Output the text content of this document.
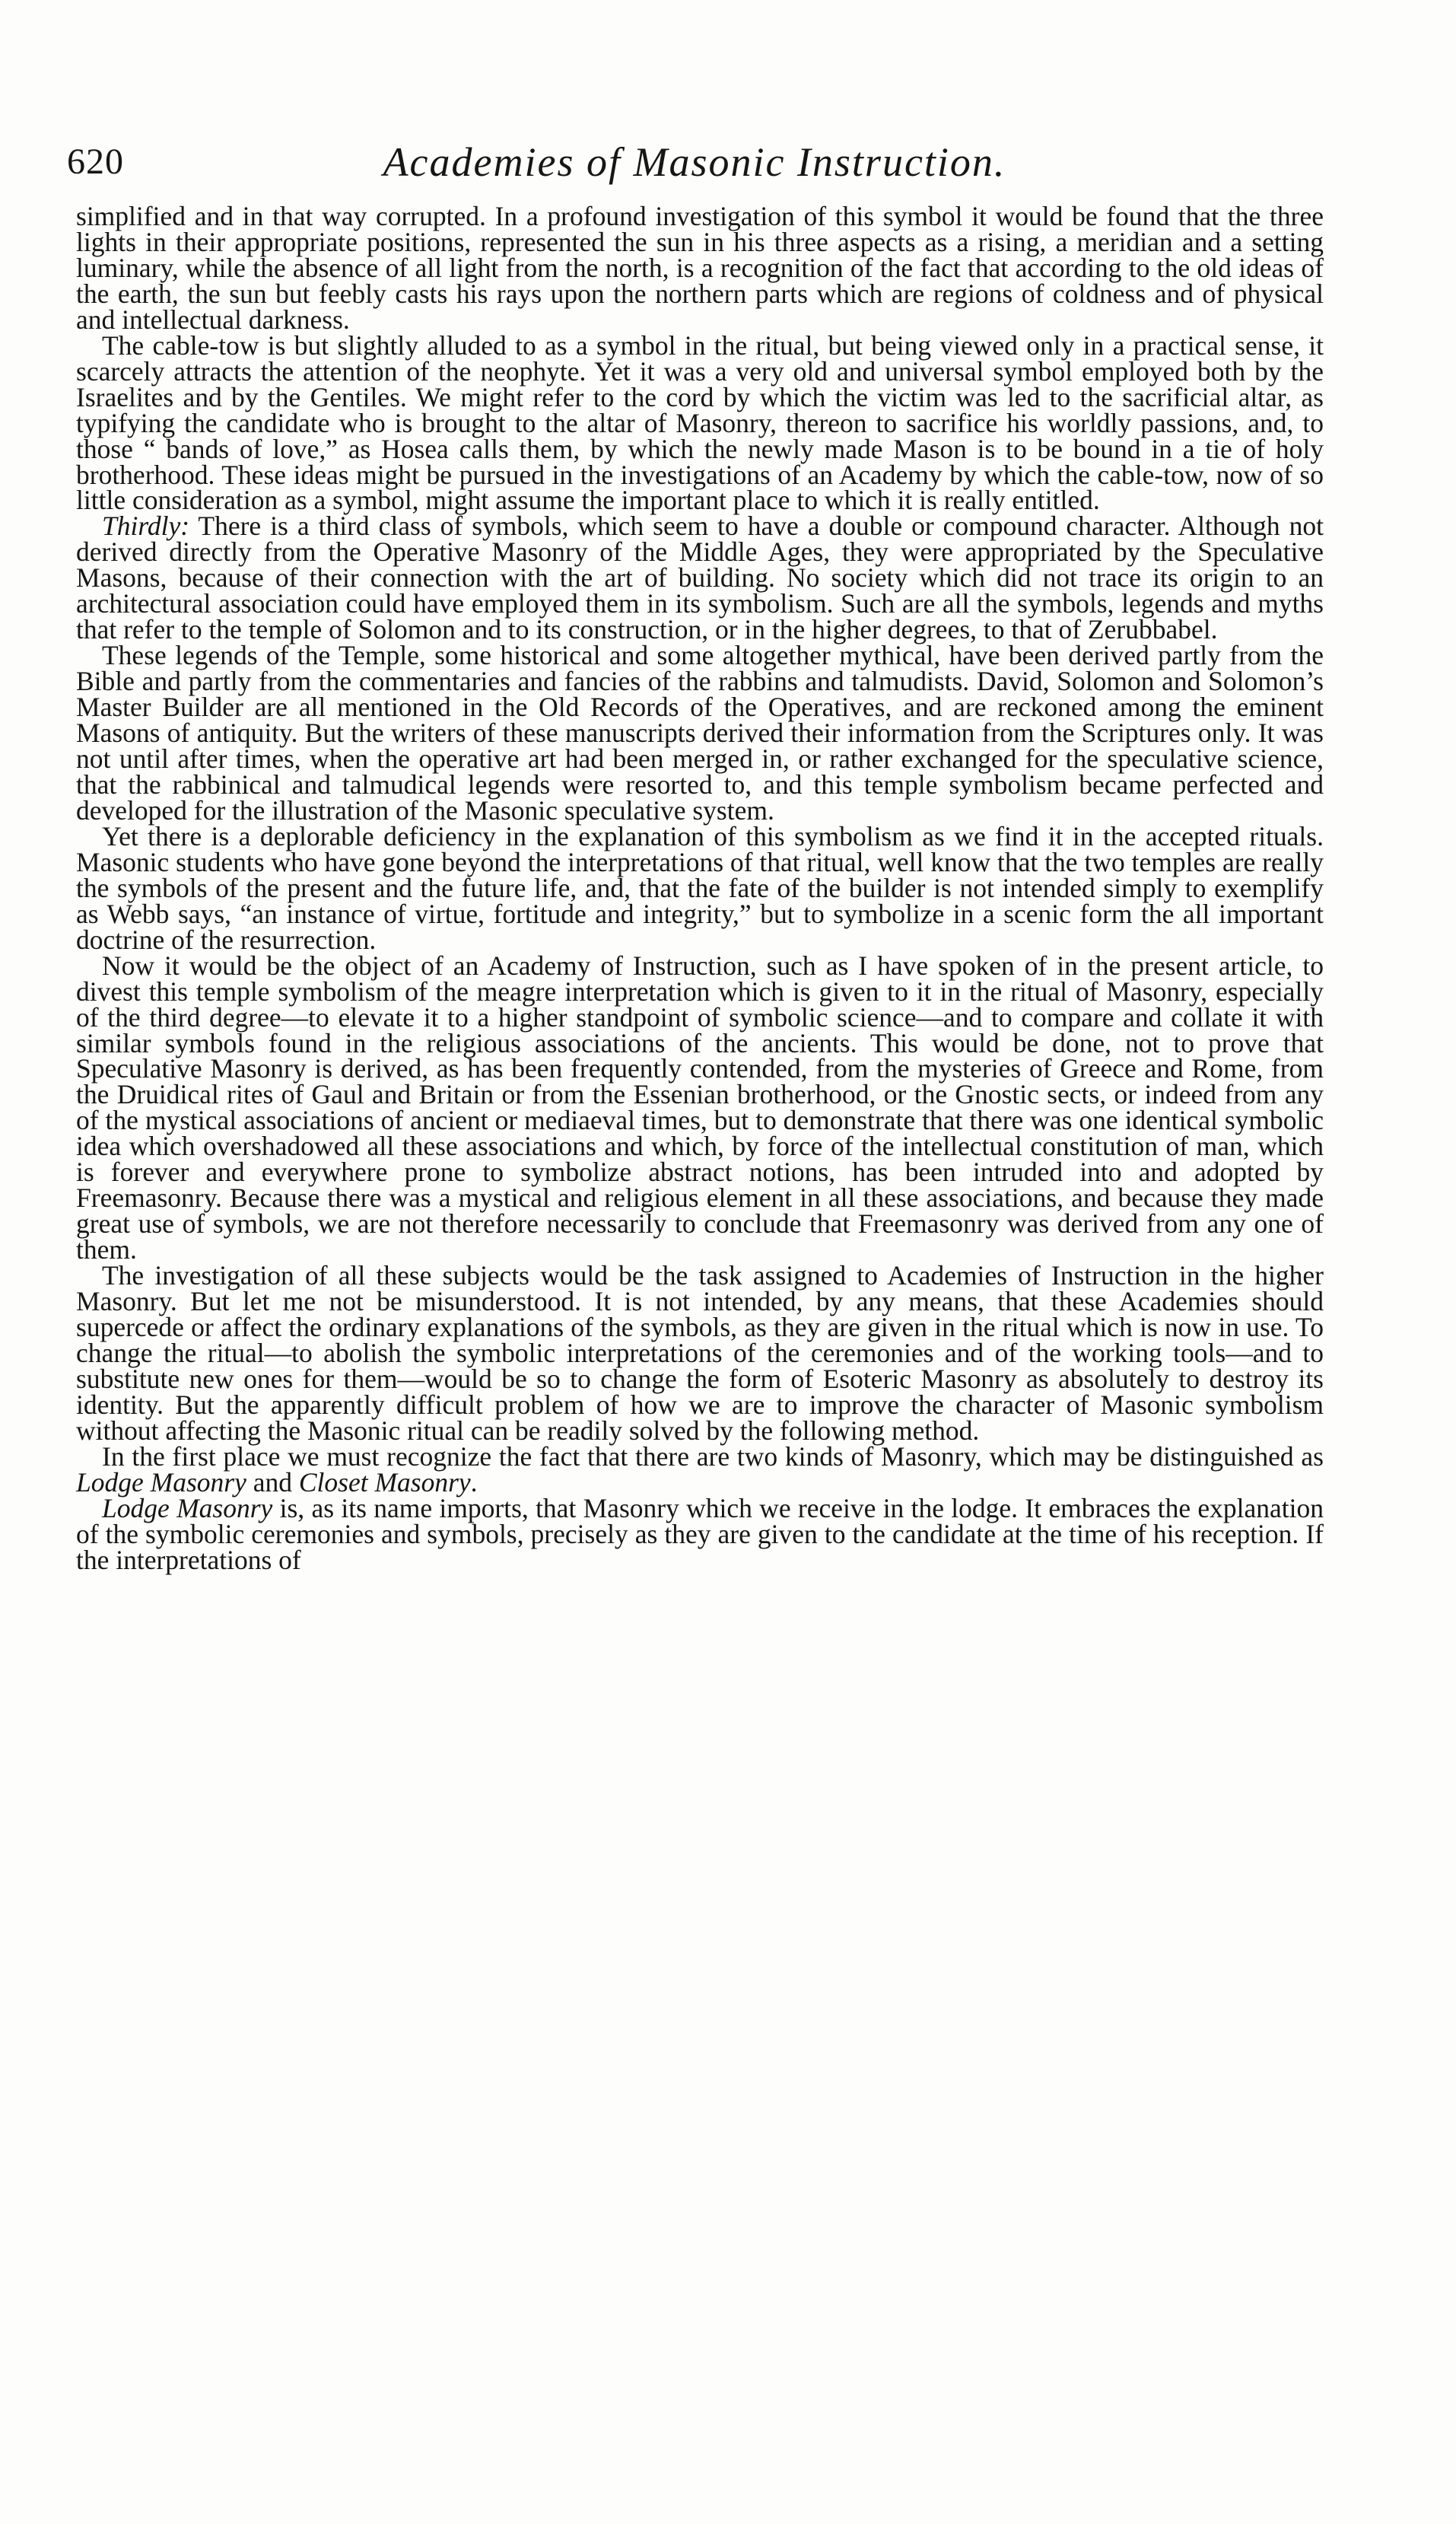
620	Academies of Masonic Instruction.

simplified and in that way corrupted. In a profound investigation of this symbol it would be found that the three lights in their appropriate positions, represented the sun in his three aspects as a rising, a meridian and a setting luminary, while the absence of all light from the north, is a recognition of the fact that according to the old ideas of the earth, the sun but feebly casts his rays upon the northern parts which are regions of coldness and of physical and intellectual darkness.

The cable-tow is but slightly alluded to as a symbol in the ritual, but being viewed only in a practical sense, it scarcely attracts the attention of the neophyte. Yet it was a very old and universal symbol employed both by the Israelites and by the Gentiles. We might refer to the cord by which the victim was led to the sacrificial altar, as typifying the candidate who is brought to the altar of Masonry, thereon to sacrifice his worldly passions, and, to those “ bands of love,” as Hosea calls them, by which the newly made Mason is to be bound in a tie of holy brotherhood. These ideas might be pursued in the investigations of an Academy by which the cable-tow, now of so little consideration as a symbol, might assume the important place to which it is really entitled.

Thirdly: There is a third class of symbols, which seem to have a double or compound character. Although not derived directly from the Operative Masonry of the Middle Ages, they were appropriated by the Speculative Masons, because of their connection with the art of building. No society which did not trace its origin to an architectural association could have employed them in its symbolism. Such are all the symbols, legends and myths that refer to the temple of Solomon and to its construction, or in the higher degrees, to that of Zerubbabel.

These legends of the Temple, some historical and some altogether mythical, have been derived partly from the Bible and partly from the commentaries and fancies of the rabbins and talmudists. David, Solomon and Solomon’s Master Builder are all mentioned in the Old Records of the Operatives, and are reckoned among the eminent Masons of antiquity. But the writers of these manuscripts derived their information from the Scriptures only. It was not until after times, when the operative art had been merged in, or rather exchanged for the speculative science, that the rabbinical and talmudical legends were resorted to, and this temple symbolism became perfected and developed for the illustration of the Masonic speculative system.

Yet there is a deplorable deficiency in the explanation of this symbolism as we find it in the accepted rituals. Masonic students who have gone beyond the interpretations of that ritual, well know that the two temples are really the symbols of the present and the future life, and, that the fate of the builder is not intended simply to exemplify as Webb says, “an instance of virtue, fortitude and integrity,” but to symbolize in a scenic form the all important doctrine of the resurrection.

Now it would be the object of an Academy of Instruction, such as I have spoken of in the present article, to divest this temple symbolism of the meagre interpretation which is given to it in the ritual of Masonry, especially of the third degree—to elevate it to a higher standpoint of symbolic science—and to compare and collate it with similar symbols found in the religious associations of the ancients. This would be done, not to prove that Speculative Masonry is derived, as has been frequently contended, from the mysteries of Greece and Rome, from the Druidical rites of Gaul and Britain or from the Essenian brotherhood, or the Gnostic sects, or indeed from any of the mystical associations of ancient or mediaeval times, but to demonstrate that there was one identical symbolic idea which overshadowed all these associations and which, by force of the intellectual constitution of man, which is forever and everywhere prone to symbolize abstract notions, has been intruded into and adopted by Freemasonry. Because there was a mystical and religious element in all these associations, and because they made great use of symbols, we are not therefore necessarily to conclude that Freemasonry was derived from any one of them.

The investigation of all these subjects would be the task assigned to Academies of Instruction in the higher Masonry. But let me not be misunderstood. It is not intended, by any means, that these Academies should supercede or affect the ordinary explanations of the symbols, as they are given in the ritual which is now in use. To change the ritual—to abolish the symbolic interpretations of the ceremonies and of the working tools—and to substitute new ones for them—would be so to change the form of Esoteric Masonry as absolutely to destroy its identity. But the apparently difficult problem of how we are to improve the character of Masonic symbolism without affecting the Masonic ritual can be readily solved by the following method.

In the first place we must recognize the fact that there are two kinds of Masonry, which may be distinguished as Lodge Masonry and Closet Masonry.

Lodge Masonry is, as its name imports, that Masonry which we receive in the lodge. It embraces the explanation of the symbolic ceremonies and symbols, precisely as they are given to the candidate at the time of his reception. If the interpretations of
